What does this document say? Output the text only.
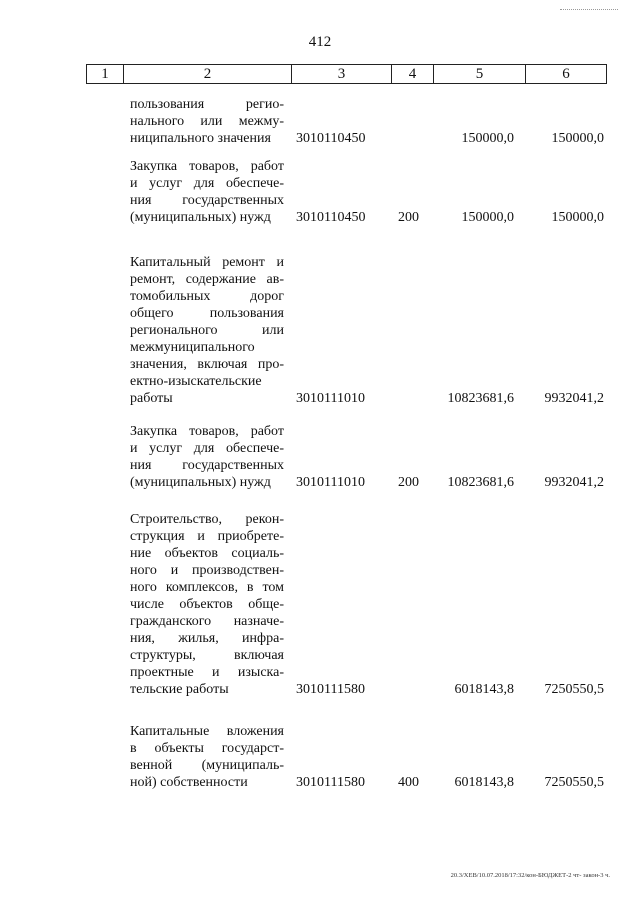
412
1	2	3	4	5	6
пользования регио-
нального или межму-
ниципального значения	3010110450	150000,0	150000,0
Закупка товаров, работ
и услуг для обеспече-
ния государственных
(муниципальных) нужд	3010110450 200	150000,0	150000,0
Капитальный ремонт и
ремонт, содержание ав-
томобильных дорог
общего пользования
регионального или
межмуниципального
значения, включая про-
ектно-изыскательские
работы	3010111010	10823681,6 9932041,2
Закупка товаров, работ
и услуг для обеспече-
ния государственных
(муниципальных) нужд	3010111010 200 10823681,6 9932041,2
Строительство, рекон-
струкция и приобрете-
ние объектов социаль-
ного и производствен-
ного комплексов, в том
числе объектов обще-
гражданского назначе-
ния, жилья, инфра-
структуры, включая
проектные и изыска-
тельские работы	3010111580	6018143,8 7250550,5
Капитальные вложения
в объекты государст-
венной (муниципаль-
ной) собственности	3010111580 400	6018143,8 7250550,5
20.3/XEB/10.07.2018/17:32/кон-БЮДЖЕТ-2 чт- закон-3 ч.
